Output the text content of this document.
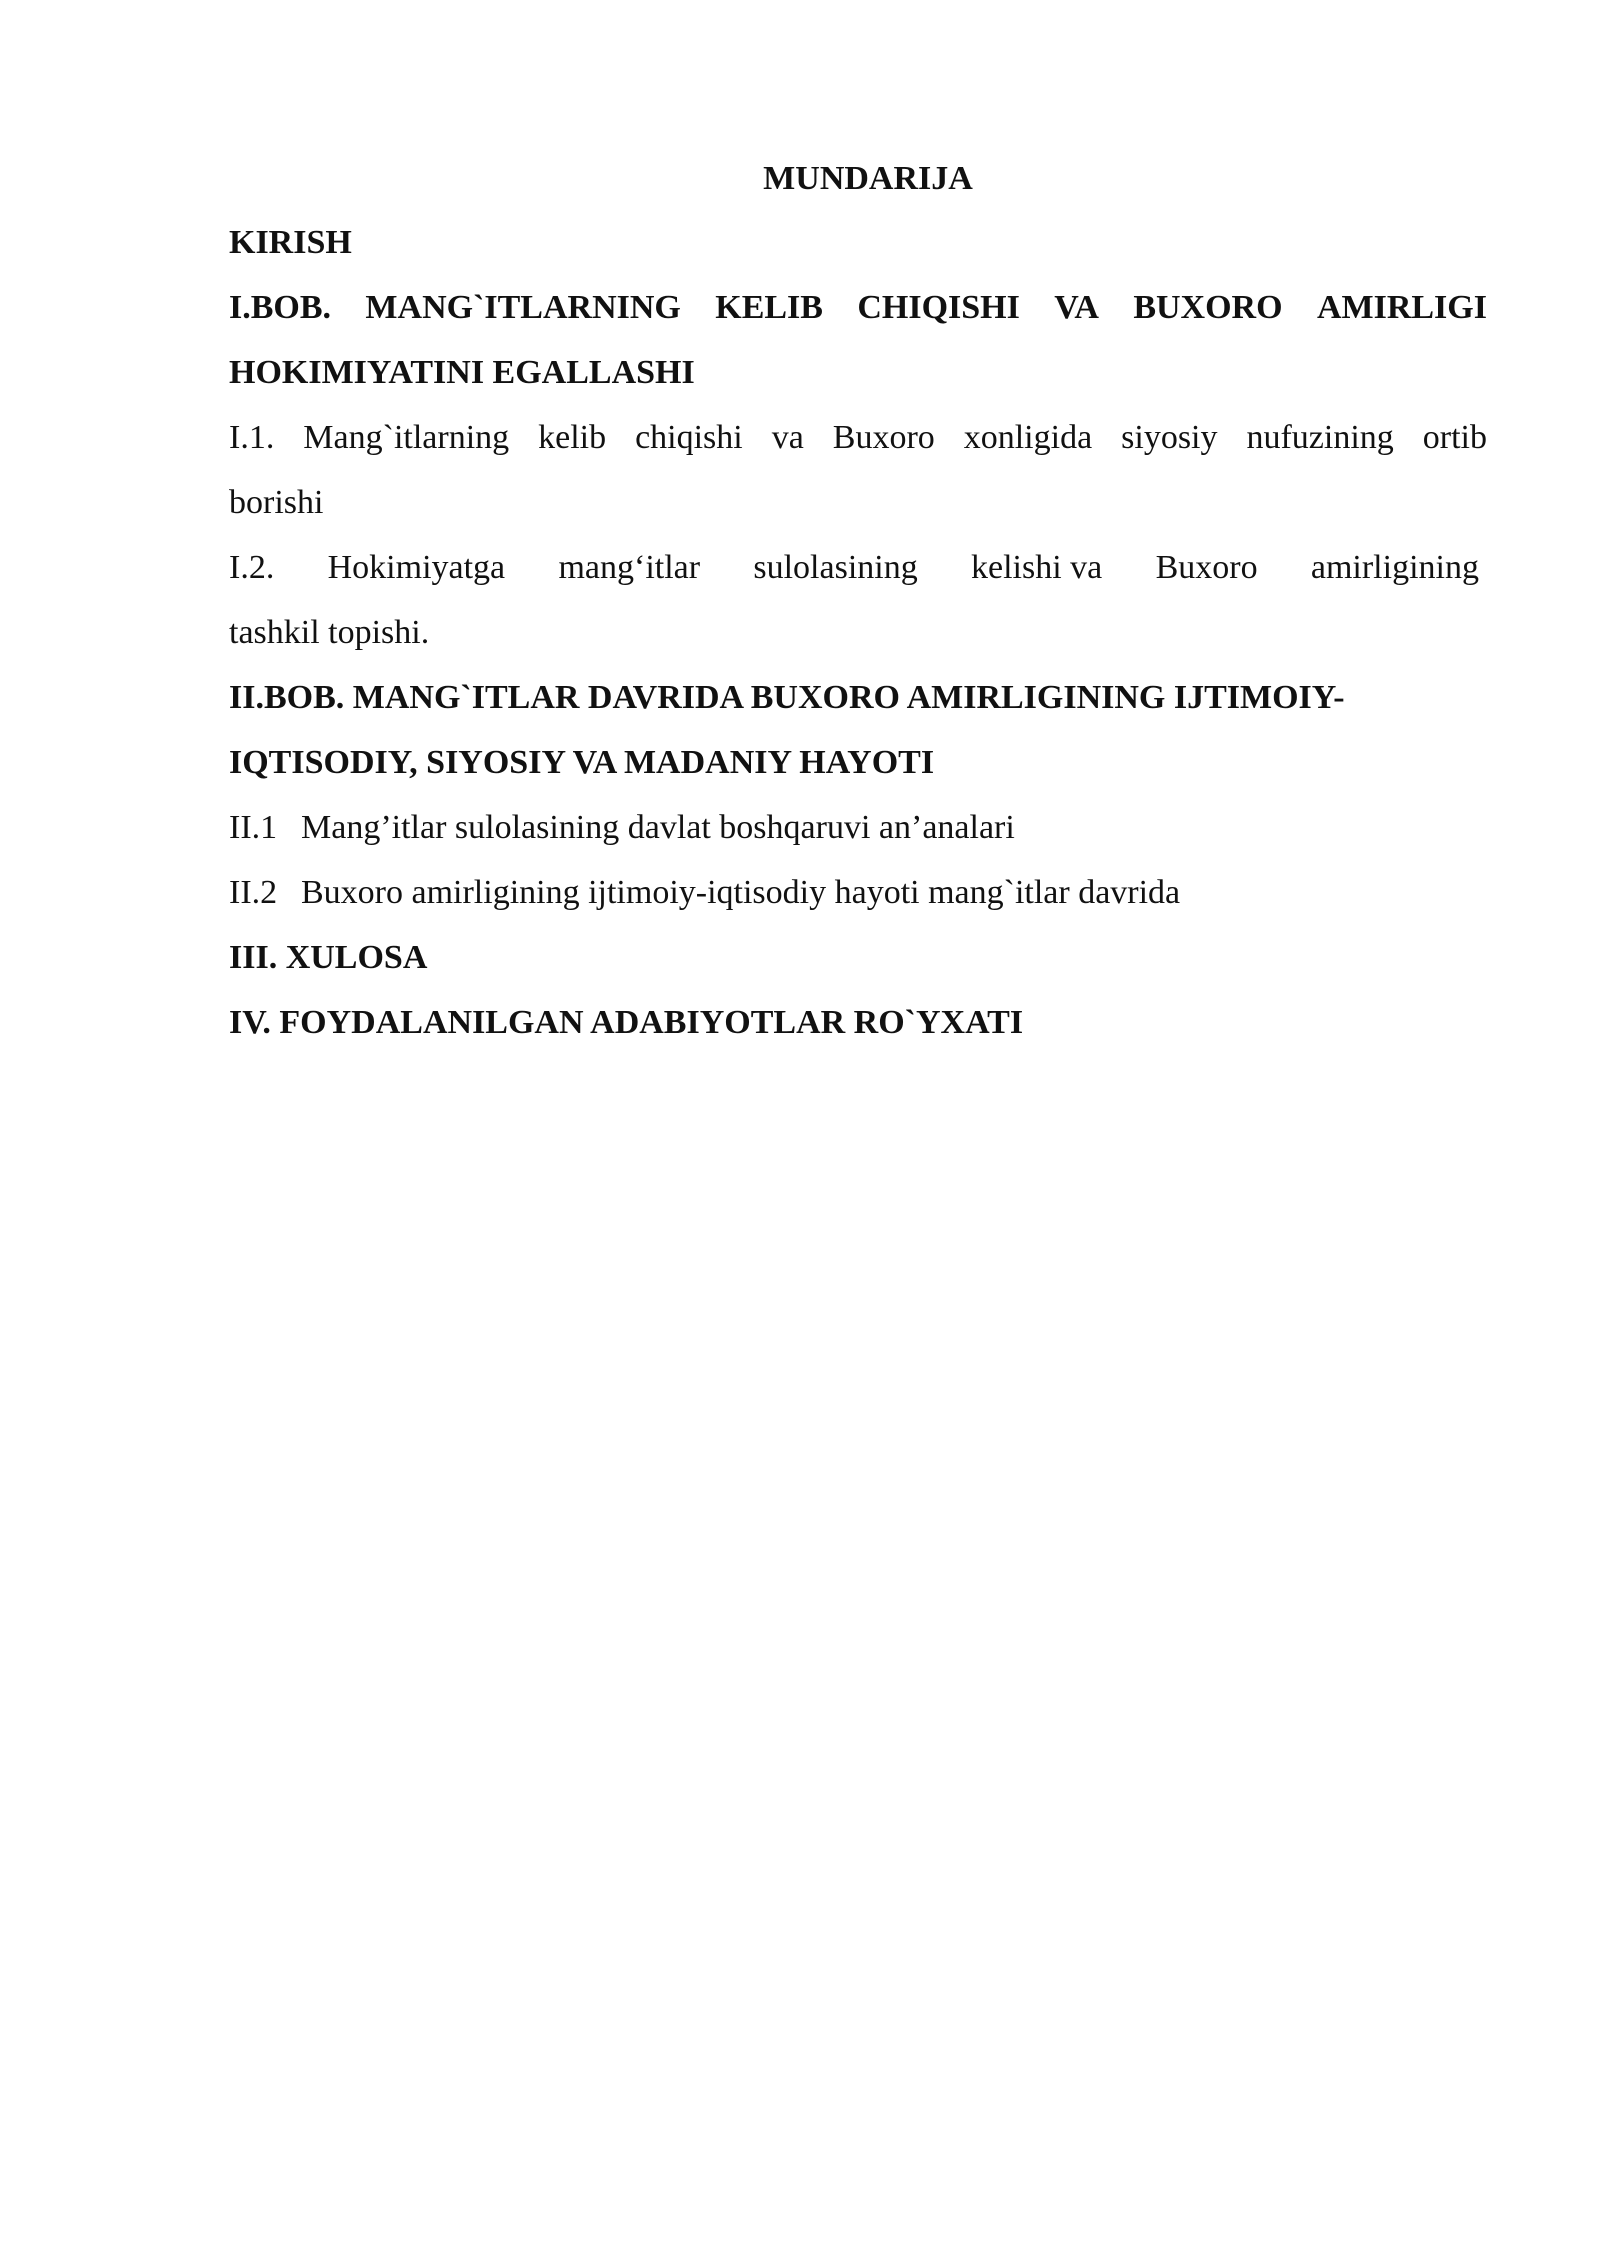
MUNDARIJA
KIRISH
I.BOB. MANG`ITLARNING KELIB CHIQISHI VA BUXORO AMIRLIGI
HOKIMIYATINI EGALLASHI
I.1. Mang`itlarning kelib chiqishi va Buxoro xonligida siyosiy nufuzining ortib
borishi
I.2. Hokimiyatga mang‘itlar sulolasining kelishi va Buxoro amirligining
tashkil topishi.
II.BOB. MANG`ITLAR DAVRIDA BUXORO AMIRLIGINING IJTIMOIY-
IQTISODIY, SIYOSIY VA MADANIY HAYOTI
II.1 Mang’itlar sulolasining davlat boshqaruvi an’analari
II.2 Buxoro amirligining ijtimoiy-iqtisodiy hayoti mang`itlar davrida
III. XULOSA
IV. FOYDALANILGAN ADABIYOTLAR RO`YXATI
